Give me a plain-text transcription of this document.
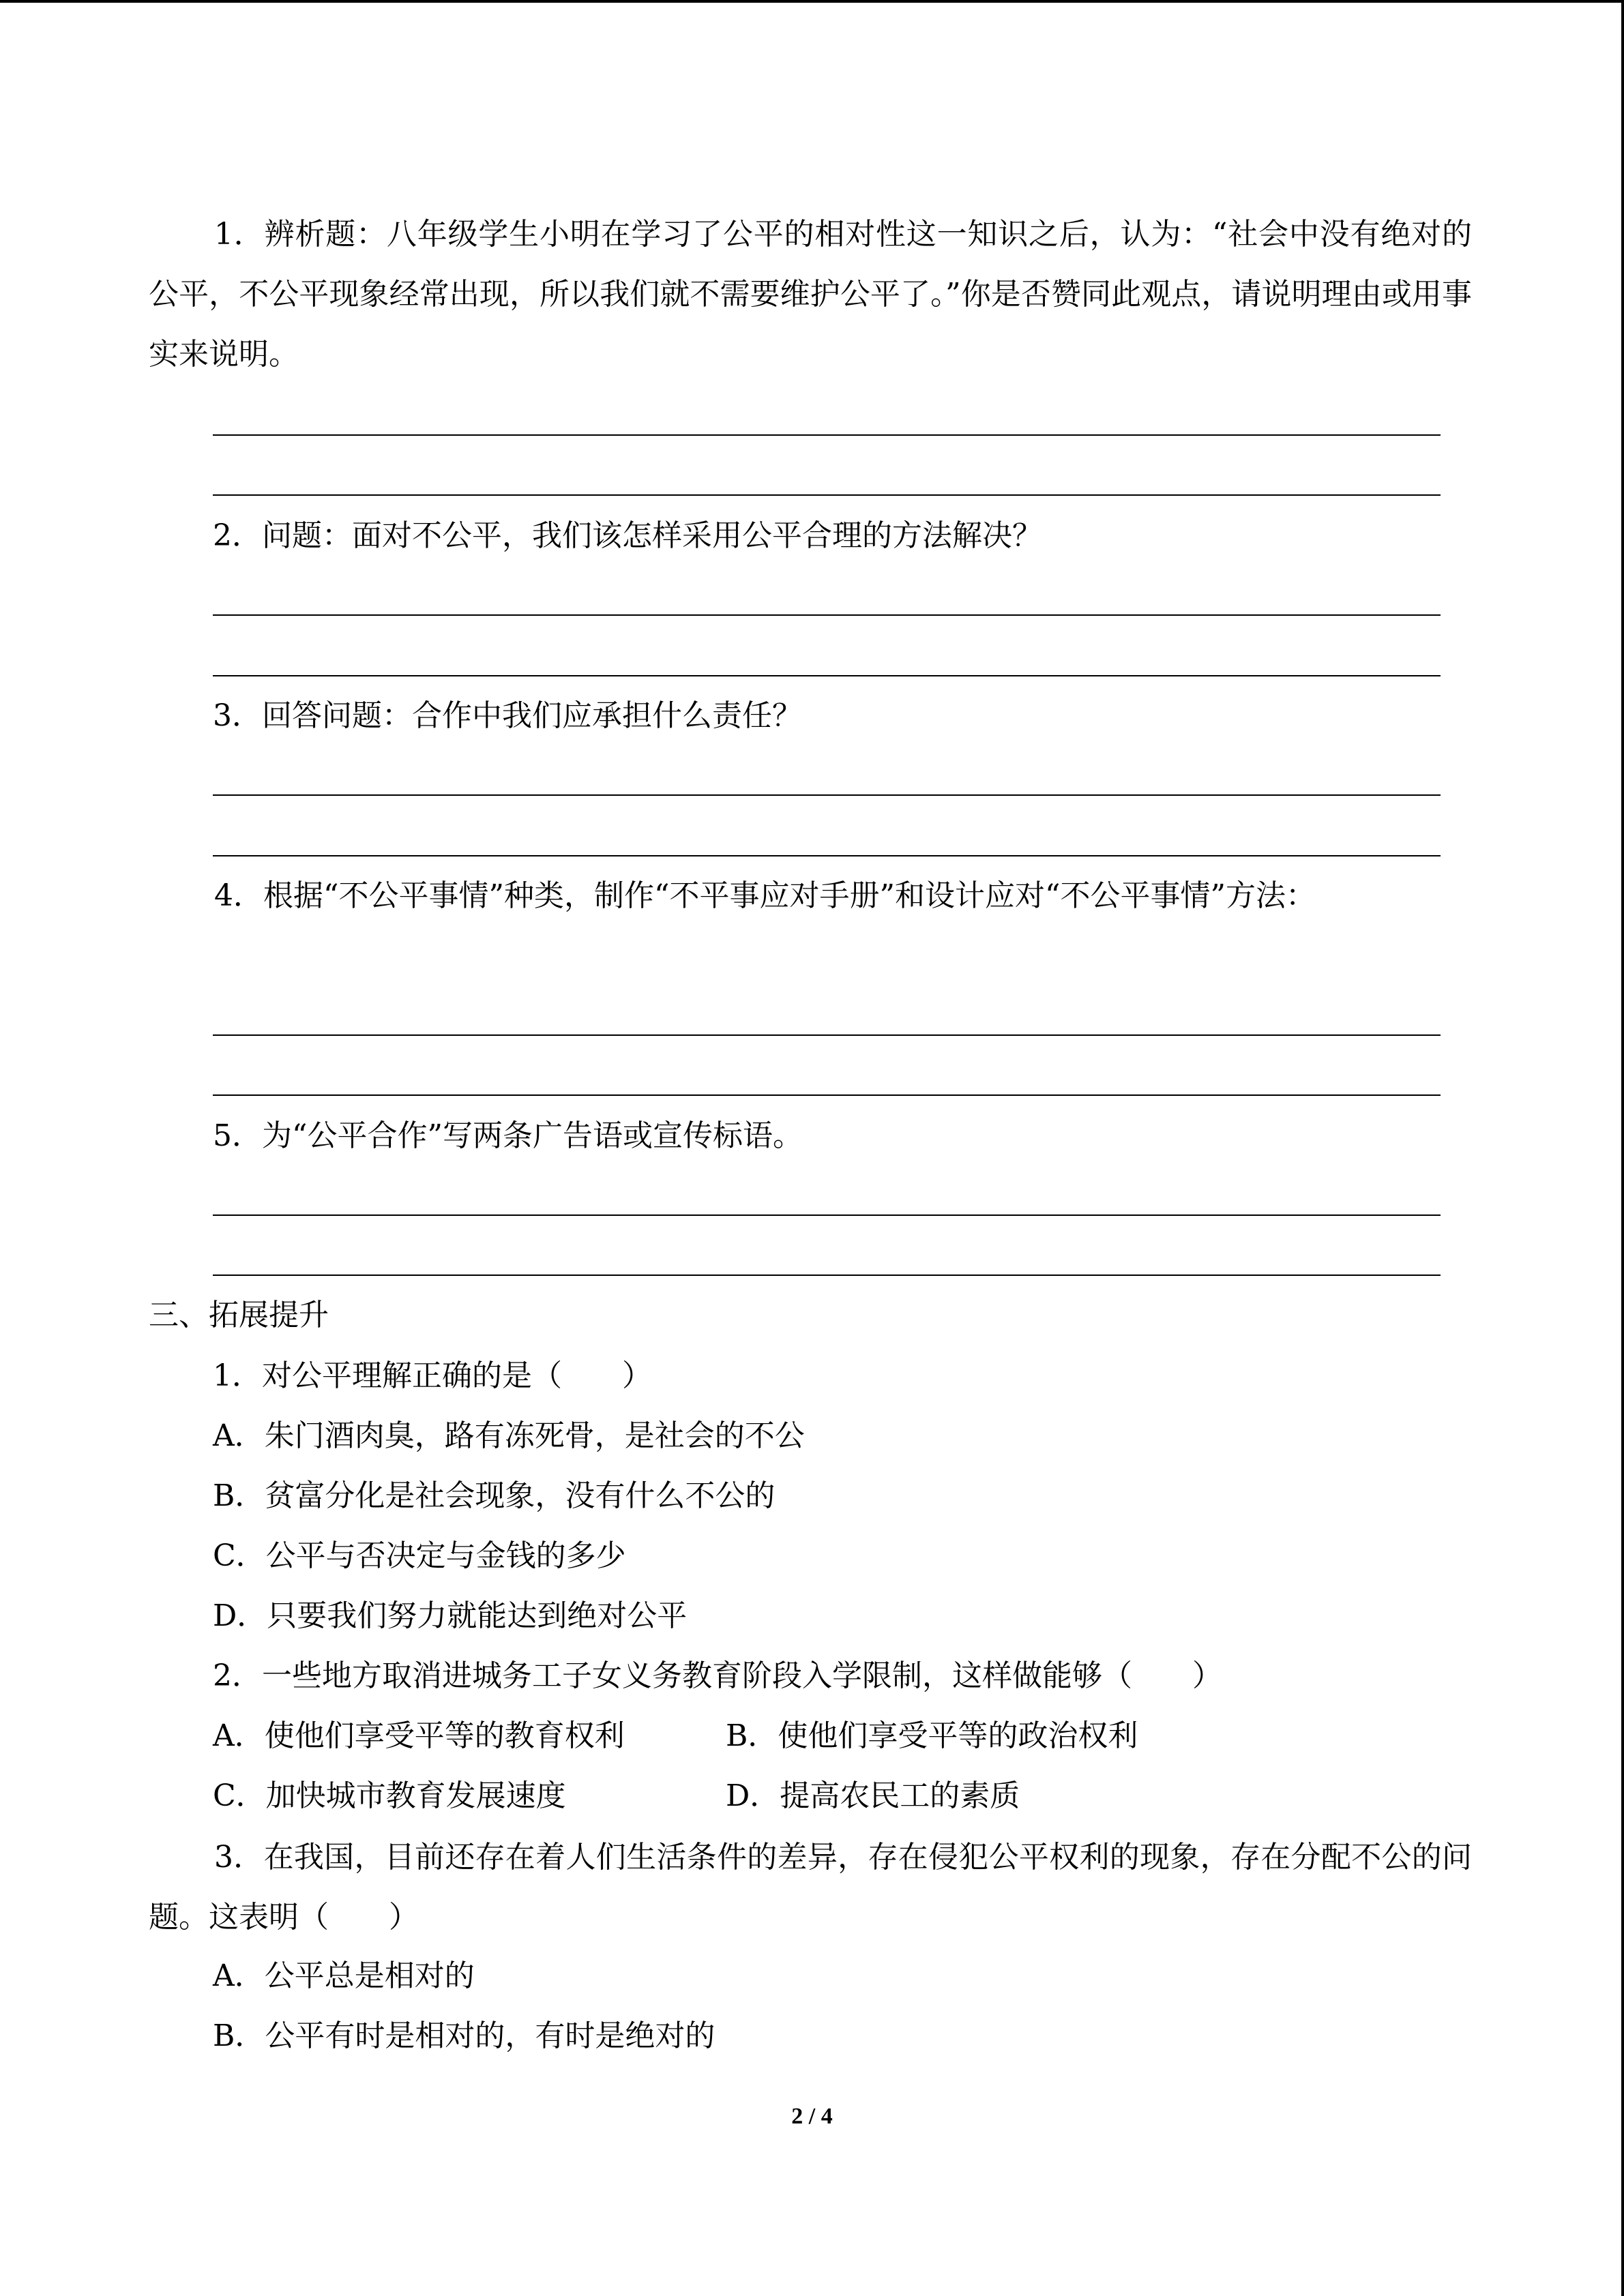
1．辨析题：八年级学生小明在学习了公平的相对性这一知识之后，认为：“社会中没有绝对的公平，不公平现象经常出现，所以我们就不需要维护公平了。”你是否赞同此观点，请说明理由或用事实来说明。
2．问题：面对不公平，我们该怎样采用公平合理的方法解决？
3．回答问题：合作中我们应承担什么责任？
4．根据“不公平事情”种类，制作“不平事应对手册”和设计应对“不公平事情”方法：
5．为“公平合作”写两条广告语或宣传标语。
三、拓展提升
1．对公平理解正确的是（　　）
A．朱门酒肉臭，路有冻死骨，是社会的不公
B．贫富分化是社会现象，没有什么不公的
C．公平与否决定与金钱的多少
D．只要我们努力就能达到绝对公平
2．一些地方取消进城务工子女义务教育阶段入学限制，这样做能够（　　）
A．使他们享受平等的教育权利	B．使他们享受平等的政治权利
C．加快城市教育发展速度	D．提高农民工的素质
3．在我国，目前还存在着人们生活条件的差异，存在侵犯公平权利的现象，存在分配不公的问题。这表明（　　）
A．公平总是相对的
B．公平有时是相对的，有时是绝对的
2 / 4
